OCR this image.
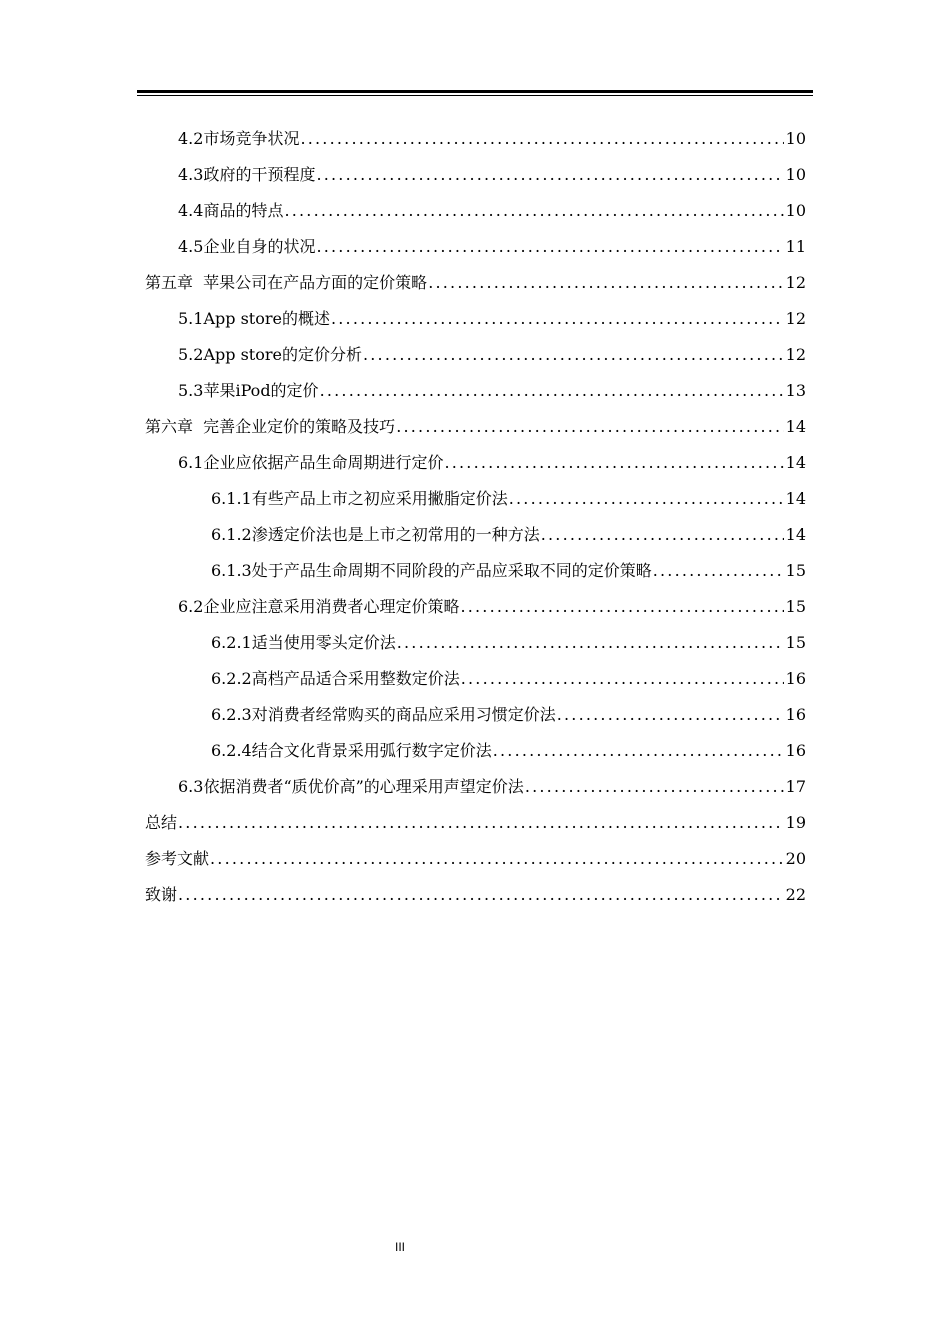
4.2市场竞争状况 .....	10
4.3政府的干预程度 .....	10
4.4商品的特点 .....	10
4.5企业自身的状况 .....	11
第五章  苹果公司在产品方面的定价策略 .....	12
5.1App store的概述 .....	12
5.2App store的定价分析 .....	12
5.3苹果iPod的定价 .....	13
第六章  完善企业定价的策略及技巧 .....	14
6.1企业应依据产品生命周期进行定价 .....	14
6.1.1有些产品上市之初应采用撇脂定价法 .....	14
6.1.2渗透定价法也是上市之初常用的一种方法 .....	14
6.1.3处于产品生命周期不同阶段的产品应采取不同的定价策略 .....	15
6.2企业应注意采用消费者心理定价策略 .....	15
6.2.1适当使用零头定价法 .....	15
6.2.2高档产品适合采用整数定价法 .....	16
6.2.3对消费者经常购买的商品应采用习惯定价法 .....	16
6.2.4结合文化背景采用弧行数字定价法 .....	16
6.3依据消费者“质优价高”的心理采用声望定价法 .....	17
总结 .....	19
参考文献 .....	20
致谢 .....	22
III
